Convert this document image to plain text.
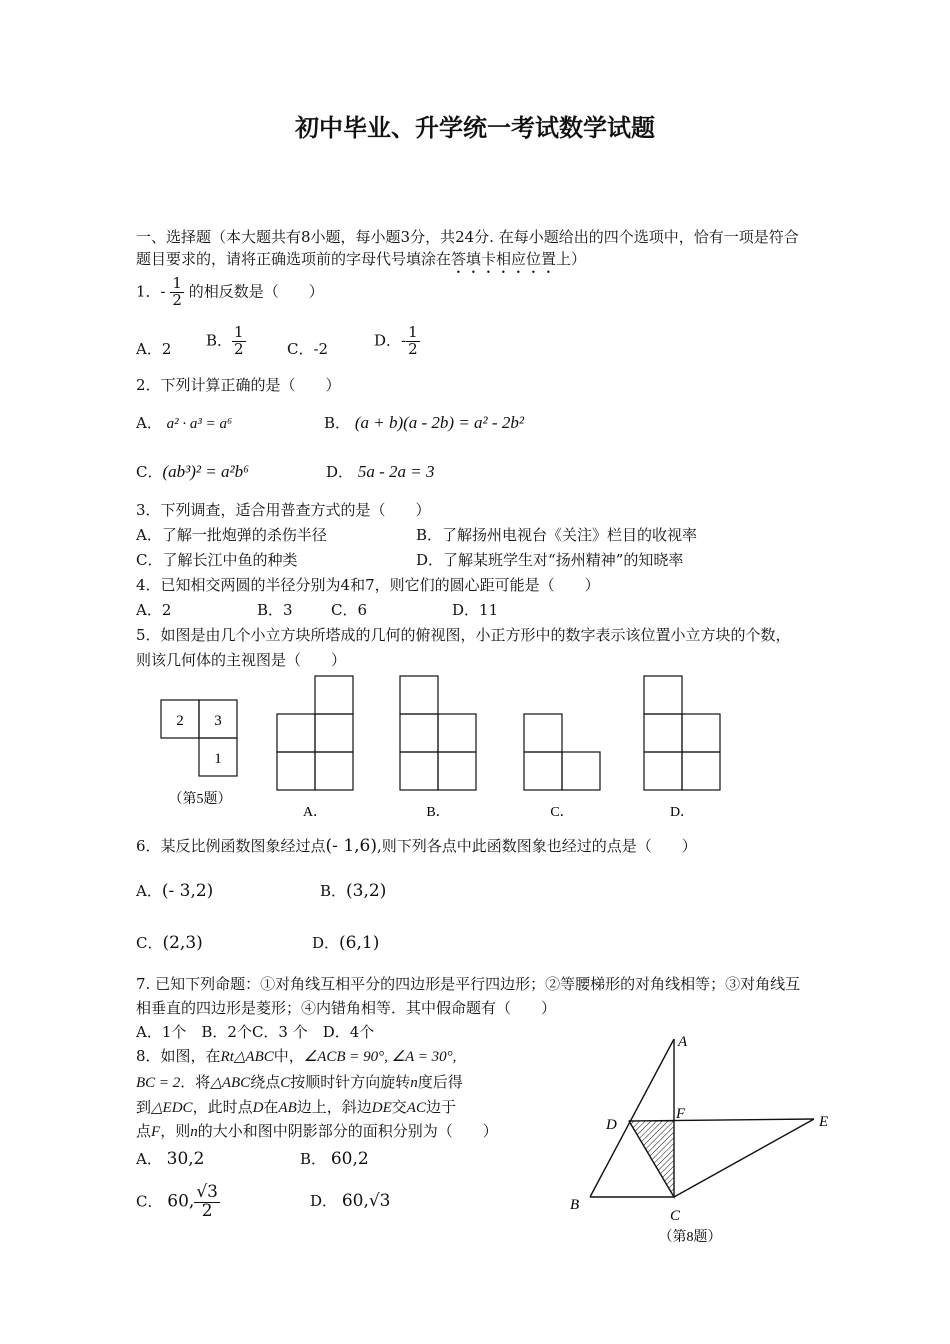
初中毕业、升学统一考试数学试题
一、选择题（本大题共有8小题，每小题3分，共24分. 在每小题给出的四个选项中，恰有一项是符合
题目要求的，请将正确选项前的字母代号填涂在答填卡相应位置上）
1．- $\frac{1}{2}$ 的相反数是（　　）
A．2 B． $\frac{1}{2}$	C．-2	D．- $\frac{1}{2}$
2．下列计算正确的是（　　）
A． a² · a³ = a⁶	B． (a + b)(a - 2b) = a² - 2b²
C．(ab³)² = a²b⁶	D． 5a - 2a = 3
3．下列调查，适合用普查方式的是（　　）
A．了解一批炮弹的杀伤半径	B．了解扬州电视台《关注》栏目的收视率
C．了解长江中鱼的种类	D．了解某班学生对“扬州精神”的知晓率
4．已知相交两圆的半径分别为4和7，则它们的圆心距可能是（　　）
A．2	B．3	C．6	D．11
5．如图是由几个小立方块所塔成的几何的俯视图，小正方形中的数字表示该位置小立方块的个数，
则该几何体的主视图是（　　）
2 3
1
（第5题）
A．	B．	C．	D．
6．某反比例函数图象经过点(- 1,6),则下列各点中此函数图象也经过的点是（　　）
A．(- 3,2)	B．(3,2)
C．(2,3)	D．(6,1)
7. 已知下列命题：①对角线互相平分的四边形是平行四边形；②等腰梯形的对角线相等；③对角线互
相垂直的四边形是菱形；④内错角相等．其中假命题有（　　）
A．1个　B．2个C．3 个　D．4个
8．如图，在Rt△ABC中，∠ACB = 90°, ∠A = 30°,
BC = 2．将△ABC绕点C按顺时针方向旋转n度后得
到△EDC，此时点D在AB边上，斜边DE交AC边于
点F，则n的大小和图中阴影部分的面积分别为（　　）
A． 30,2	B． 60,2
C． 60, $\frac{√3}{2}$	D． 60,√3
A
D
F	E
B
C
（第8题）
